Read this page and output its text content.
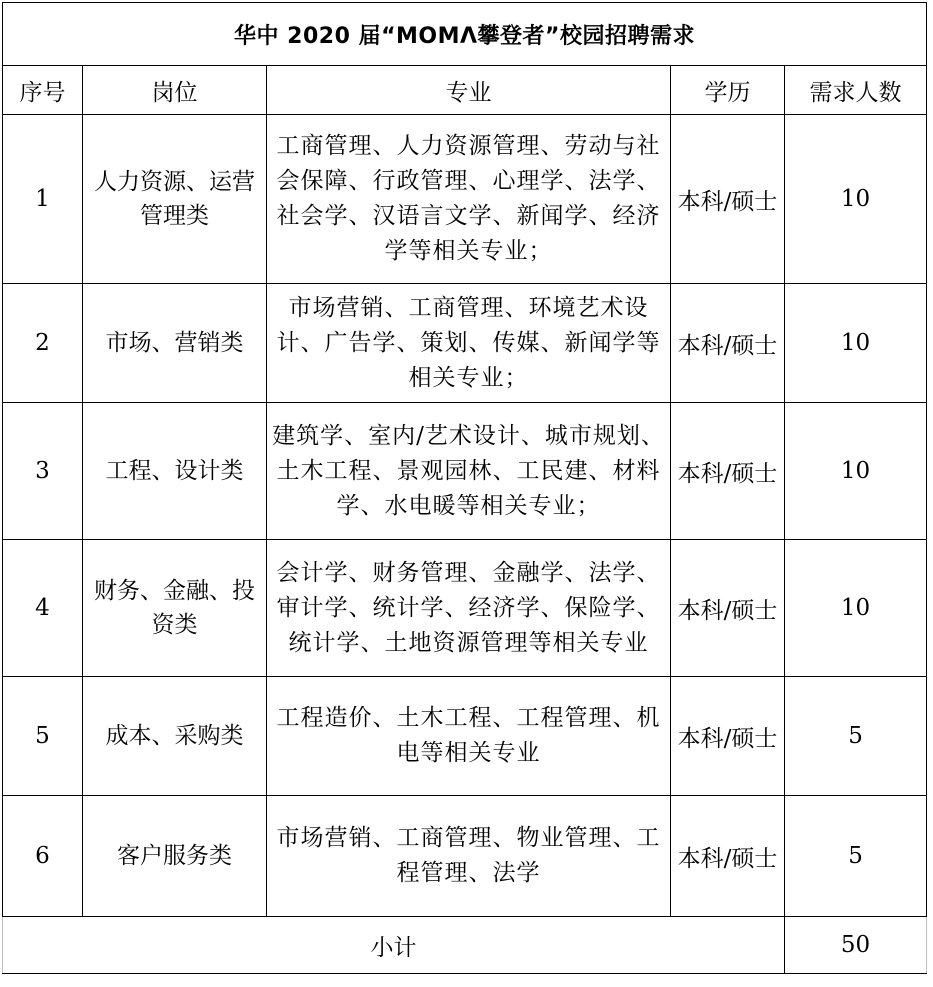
华中 2020 届“MOMΛ攀登者”校园招聘需求				
序号	岗位	专业	学历	需求人数
1	人力资源、运营管理类	工商管理、人力资源管理、劳动与社会保障、行政管理、心理学、法学、社会学、汉语言文学、新闻学、经济学等相关专业；	本科/硕士	10
2	市场、营销类	市场营销、工商管理、环境艺术设计、广告学、策划、传媒、新闻学等相关专业；	本科/硕士	10
3	工程、设计类	建筑学、室内/艺术设计、城市规划、土木工程、景观园林、工民建、材料学、水电暖等相关专业；	本科/硕士	10
4	财务、金融、投资类	会计学、财务管理、金融学、法学、审计学、统计学、经济学、保险学、统计学、土地资源管理等相关专业	本科/硕士	10
5	成本、采购类	工程造价、土木工程、工程管理、机电等相关专业	本科/硕士	5
6	客户服务类	市场营销、工商管理、物业管理、工程管理、法学	本科/硕士	5
小计				50
